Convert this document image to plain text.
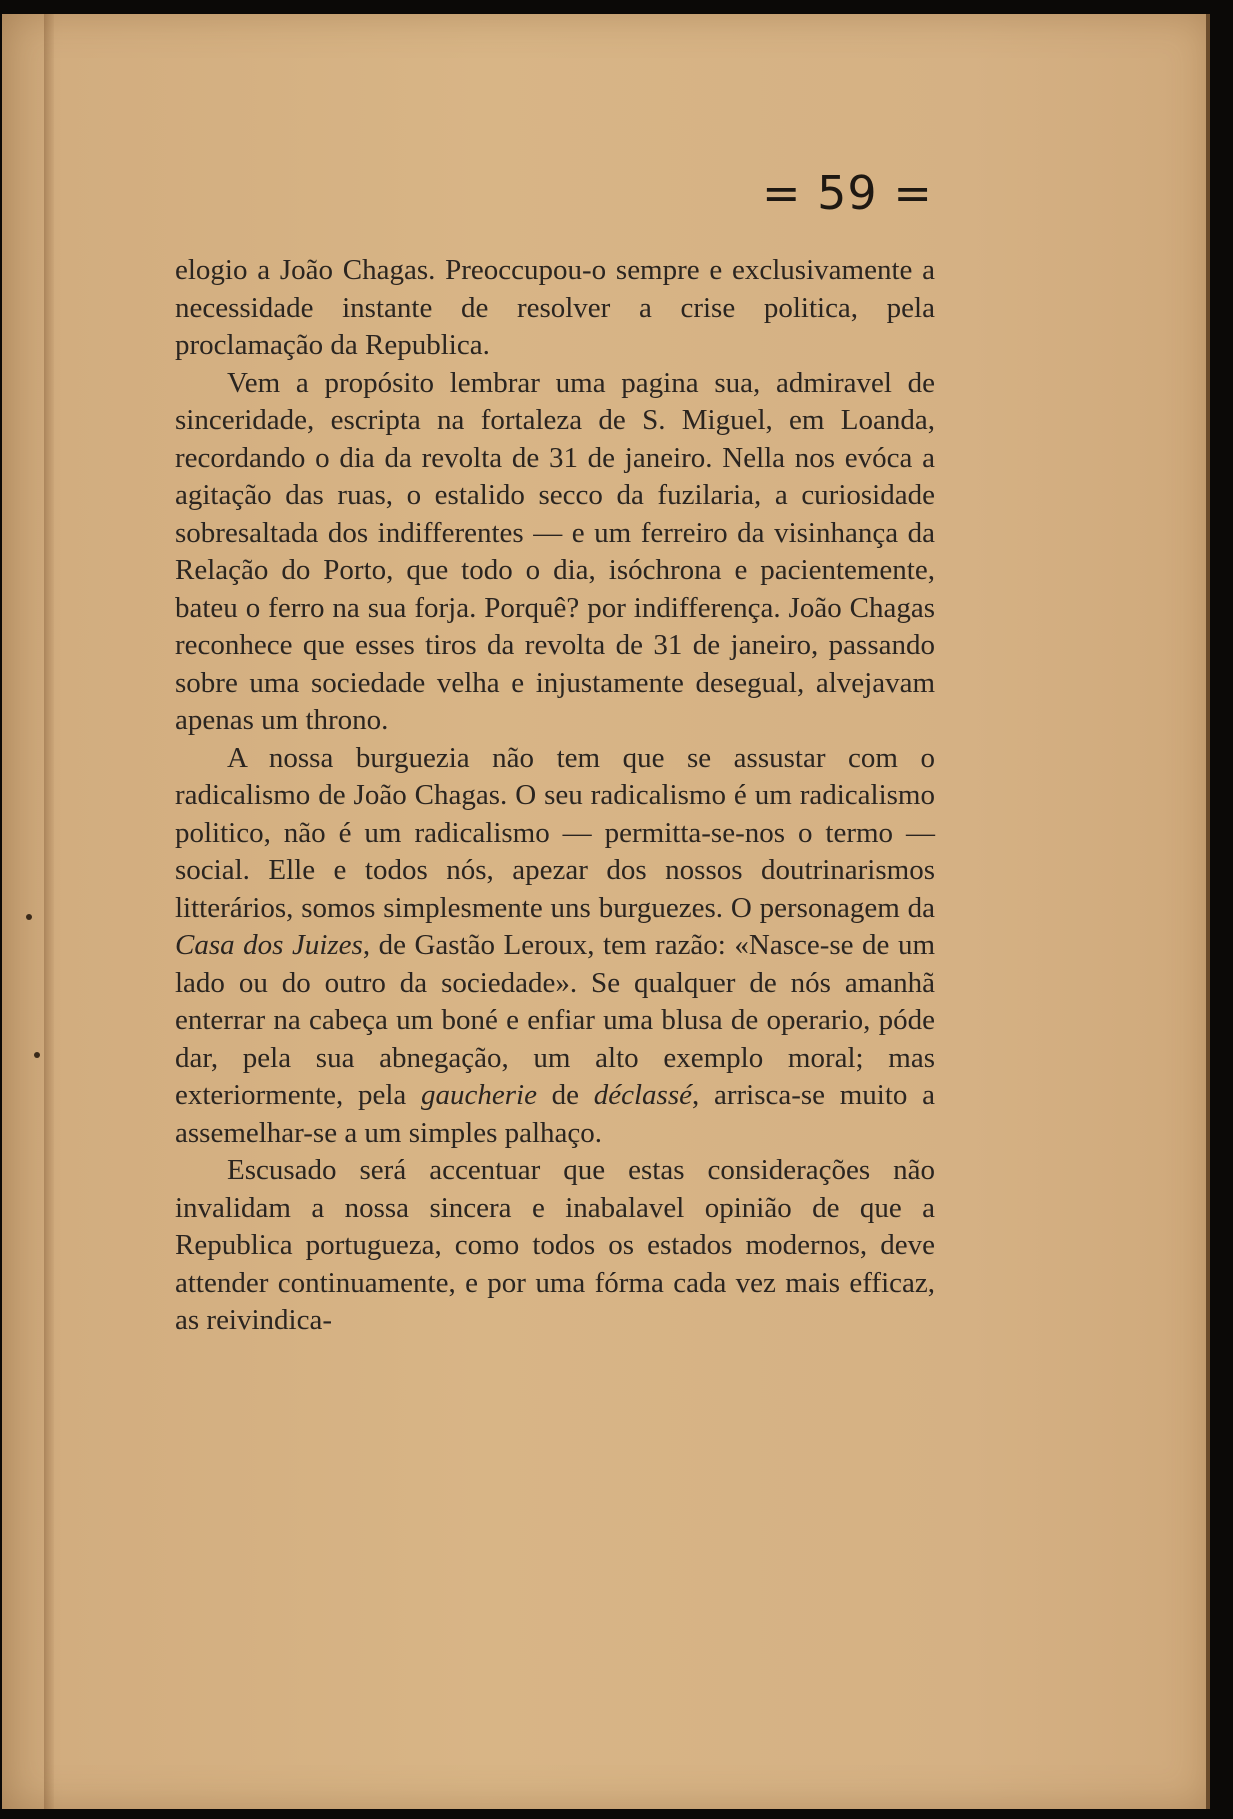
= 59 =

elogio a João Chagas. Preoccupou-o sempre e exclusivamente a necessidade instante de resolver a crise politica, pela proclamação da Republica.

Vem a propósito lembrar uma pagina sua, admiravel de sinceridade, escripta na fortaleza de S. Miguel, em Loanda, recordando o dia da revolta de 31 de janeiro. Nella nos evóca a agitação das ruas, o estalido secco da fuzilaria, a curiosidade sobresaltada dos indifferentes — e um ferreiro da visinhança da Relação do Porto, que todo o dia, isóchrona e pacientemente, bateu o ferro na sua forja. Porquê? por indifferença. João Chagas reconhece que esses tiros da revolta de 31 de janeiro, passando sobre uma sociedade velha e injustamente desegual, alvejavam apenas um throno.

A nossa burguezia não tem que se assustar com o radicalismo de João Chagas. O seu radicalismo é um radicalismo politico, não é um radicalismo — permitta-se-nos o termo — social. Elle e todos nós, apezar dos nossos doutrinarismos litterários, somos simplesmente uns burguezes. O personagem da Casa dos Juizes, de Gastão Leroux, tem razão: «Nasce-se de um lado ou do outro da sociedade». Se qualquer de nós amanhã enterrar na cabeça um boné e enfiar uma blusa de operario, póde dar, pela sua abnegação, um alto exemplo moral; mas exteriormente, pela gaucherie de déclassé, arrisca-se muito a assemelhar-se a um simples palhaço.

Escusado será accentuar que estas considerações não invalidam a nossa sincera e inabalavel opinião de que a Republica portugueza, como todos os estados modernos, deve attender continuamente, e por uma fórma cada vez mais efficaz, as reivindica-
